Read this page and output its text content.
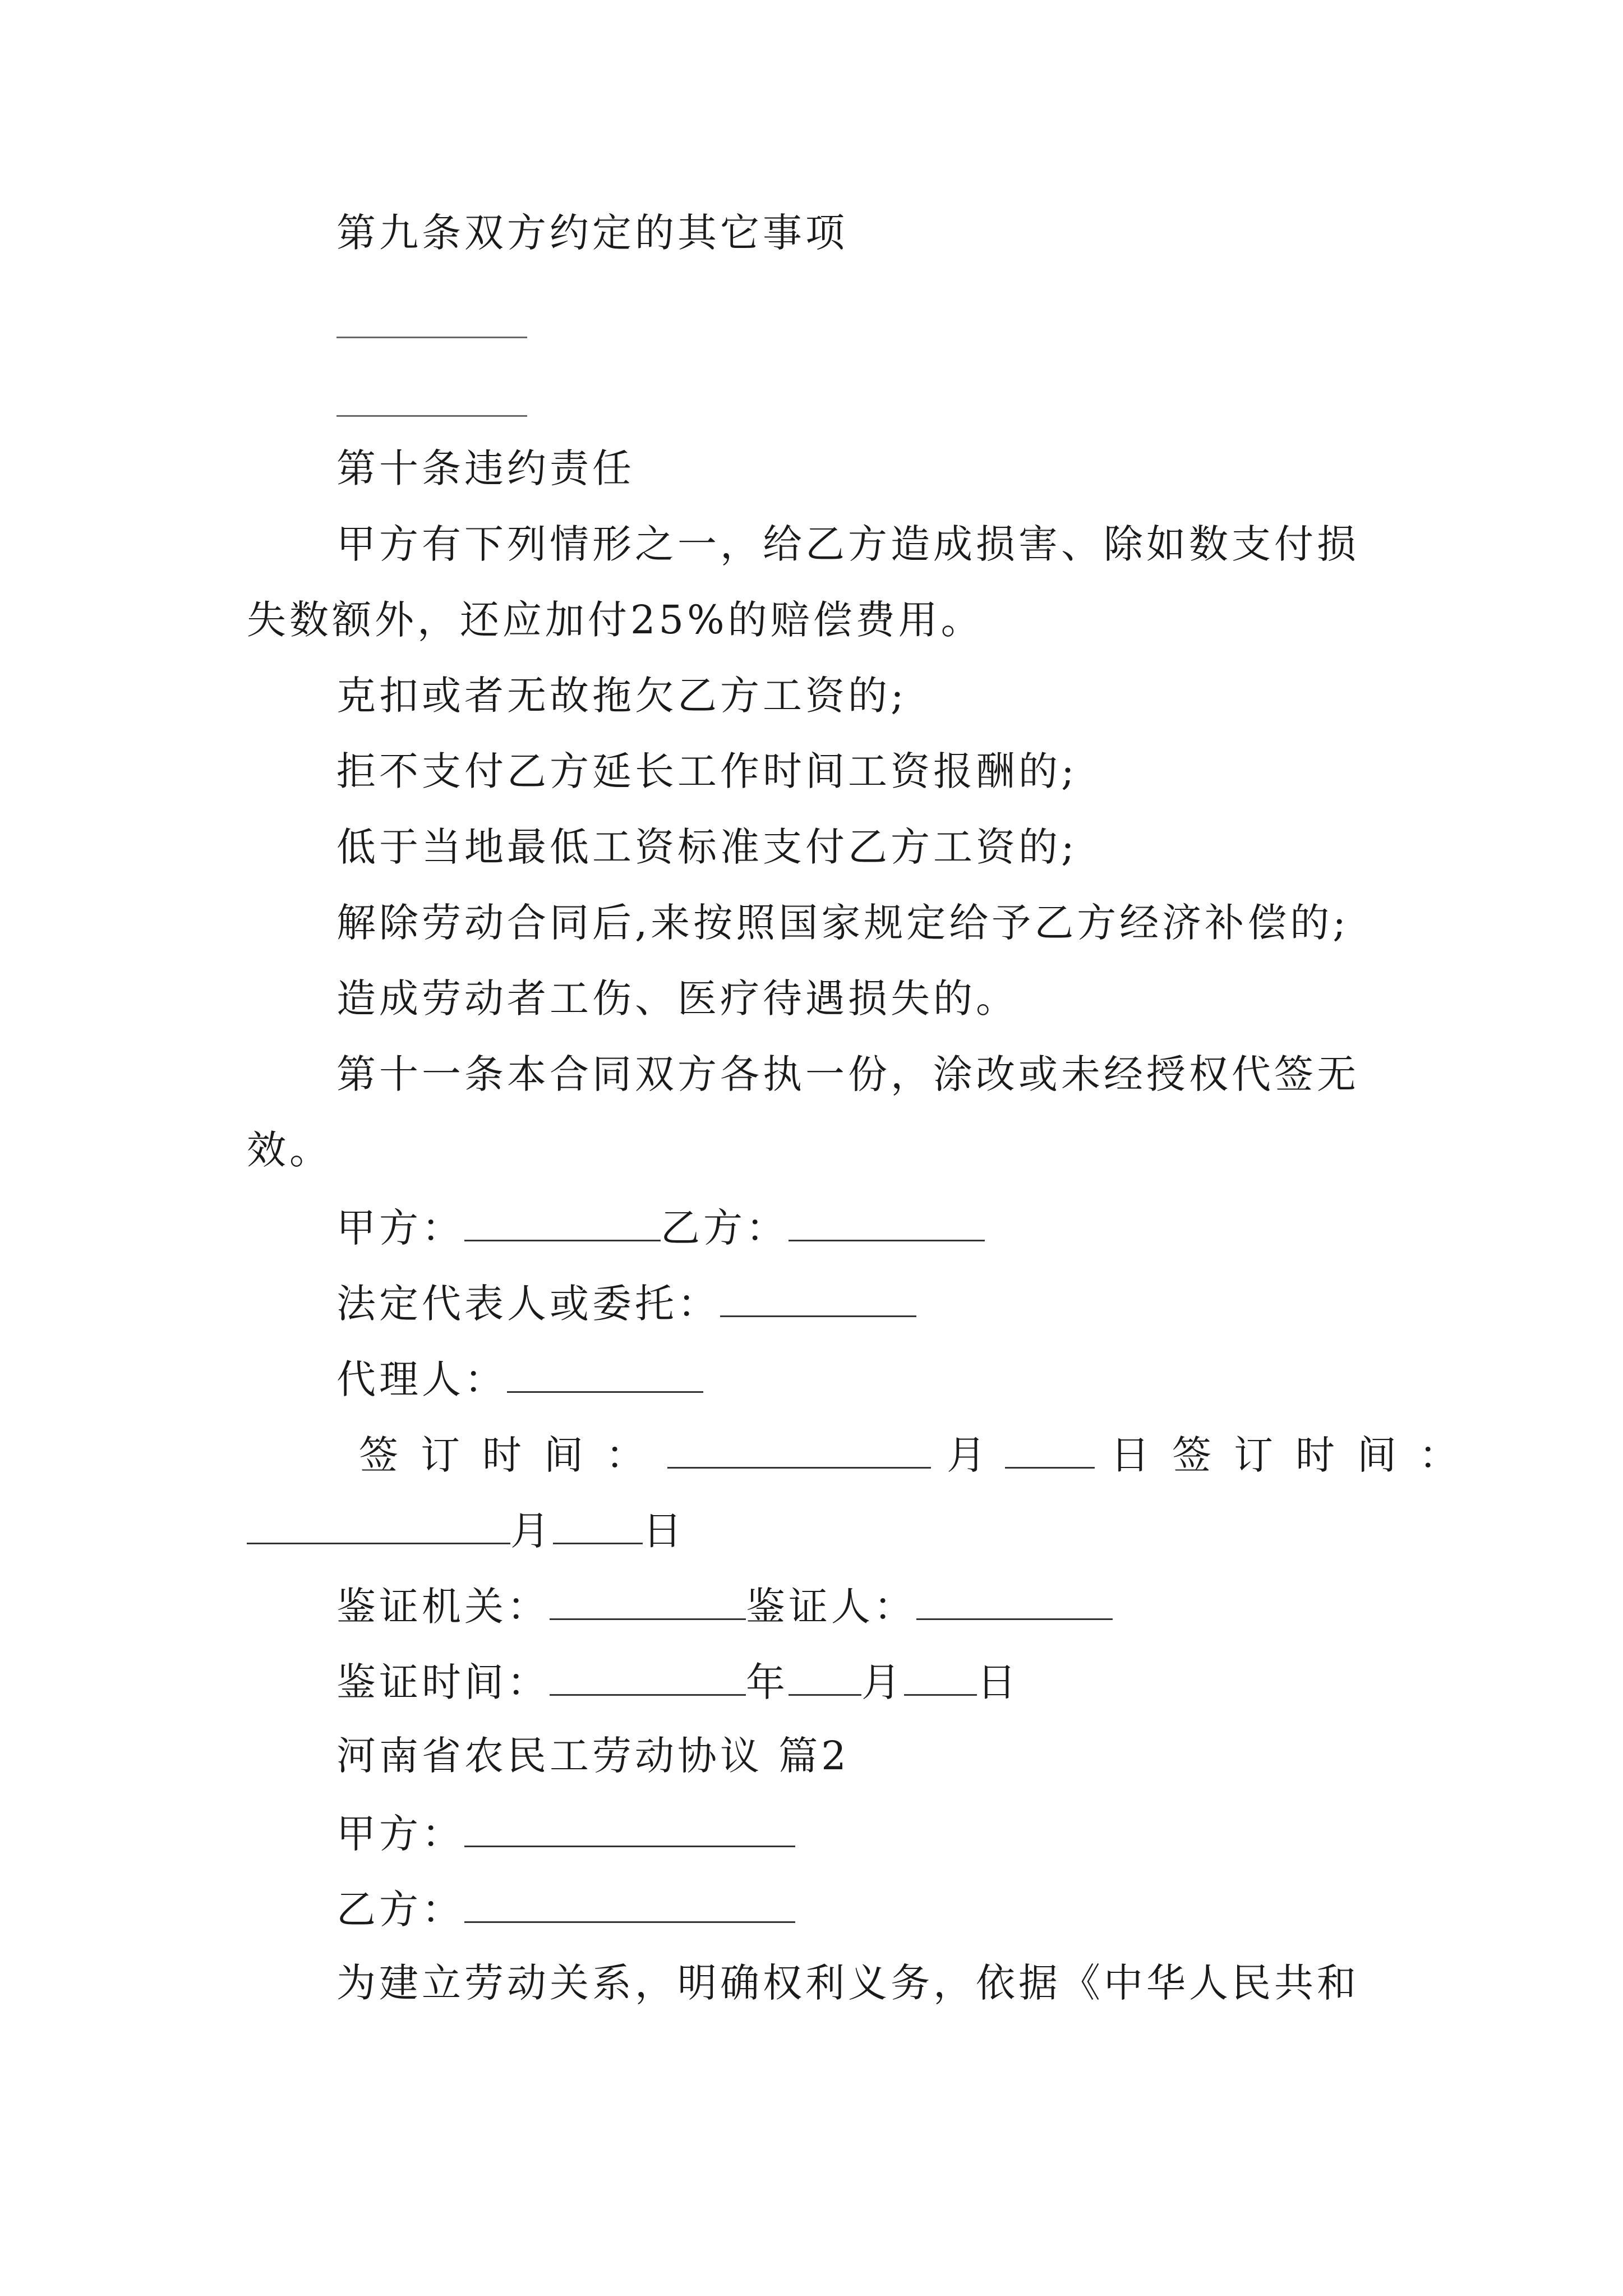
第九条双方约定的其它事项
第十条违约责任
甲方有下列情形之一，给乙方造成损害、除如数支付损
失数额外，还应加付25%的赔偿费用。
克扣或者无故拖欠乙方工资的;
拒不支付乙方延长工作时间工资报酬的;
低于当地最低工资标准支付乙方工资的;
解除劳动合同后,来按照国家规定给予乙方经济补偿的;
造成劳动者工伤、医疗待遇损失的。
第十一条本合同双方各执一份，涂改或未经授权代签无
效。
甲方：	乙方：
法定代表人或委托：
代理人：
签订时间：	月	日签订时间：
月 日
鉴证机关：	鉴证人：
鉴证时间：	年 月 日
河南省农民工劳动协议 篇2
甲方：
乙方：
为建立劳动关系，明确权利义务，依据《中华人民共和
